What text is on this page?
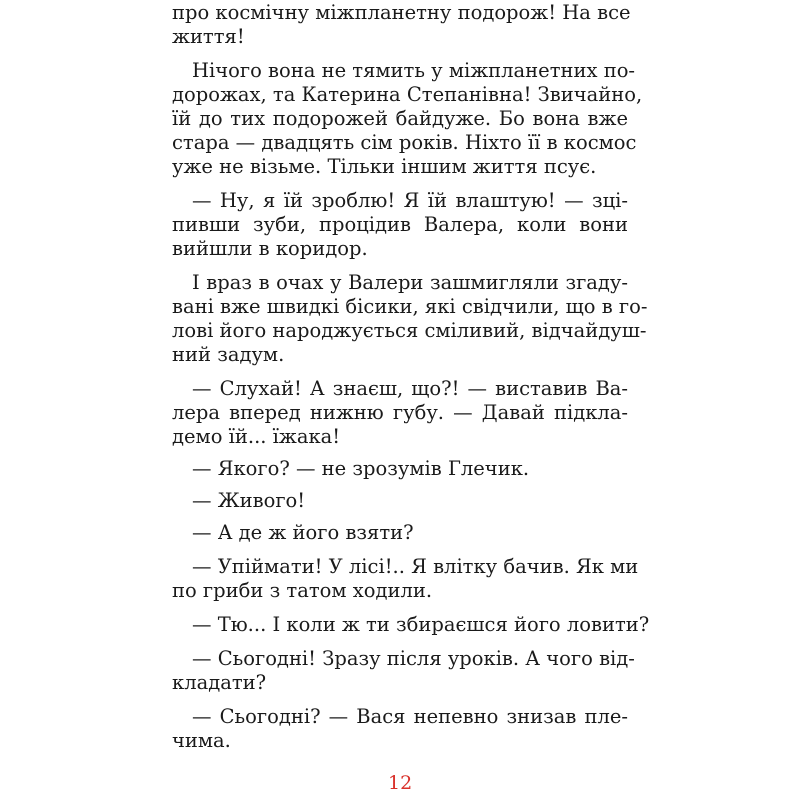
про космічну міжпланетну подорож! На все
життя!
Нічого вона не тямить у міжпланетних по-
дорожах, та Катерина Степанівна! Звичайно,
їй до тих подорожей байдуже. Бо вона вже
стара — двадцять сім років. Ніхто її в космос
уже не візьме. Тільки іншим життя псує.
— Ну, я їй зроблю! Я їй влаштую! — зці-
пивши зуби, процідив Валера, коли вони
вийшли в коридор.
І враз в очах у Валери зашмигляли згаду-
вані вже швидкі бісики, які свідчили, що в го-
лові його народжується сміливий, відчайдуш-
ний задум.
— Слухай! А знаєш, що?! — виставив Ва-
лера вперед нижню губу. — Давай підкла-
демо їй... їжака!
— Якого? — не зрозумів Глечик.
— Живого!
— А де ж його взяти?
— Упіймати! У лісі!.. Я влітку бачив. Як ми
по гриби з татом ходили.
— Тю... І коли ж ти збираєшся його ловити?
— Сьогодні! Зразу після уроків. А чого від-
кладати?
— Сьогодні? — Вася непевно знизав пле-
чима.
12
